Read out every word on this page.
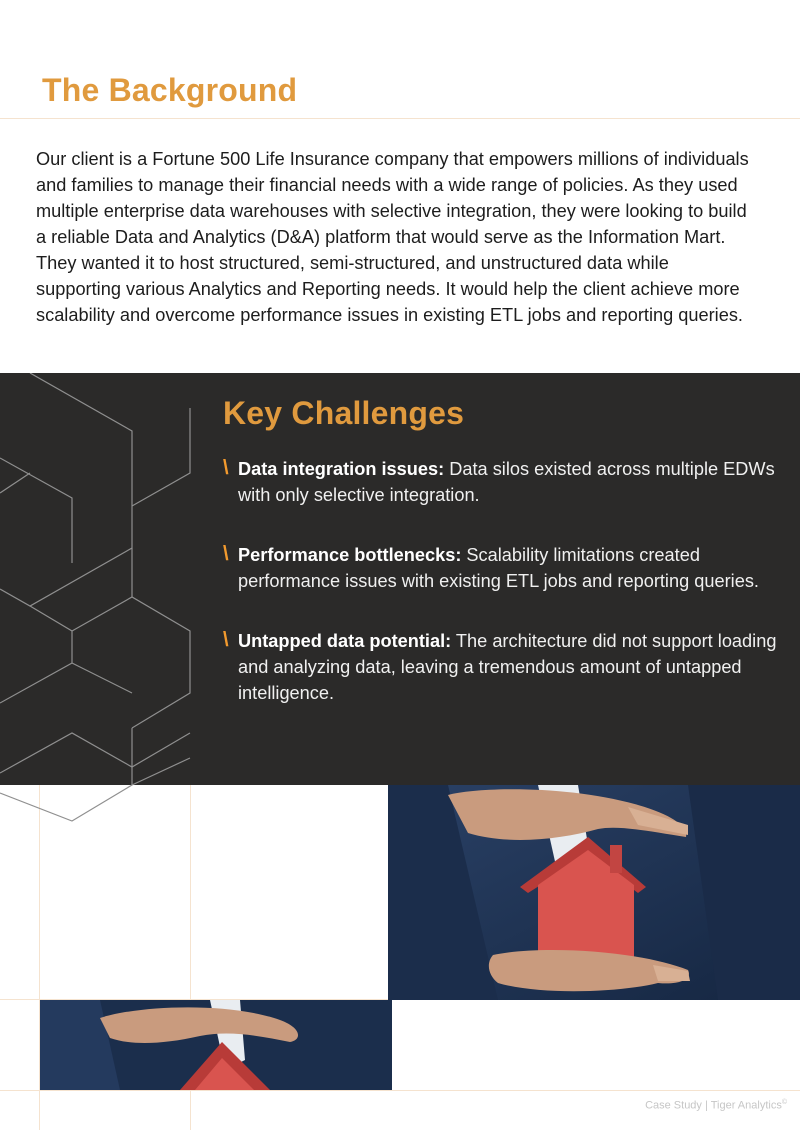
The Background

Our client is a Fortune 500 Life Insurance company that empowers millions of individuals and families to manage their financial needs with a wide range of policies. As they used multiple enterprise data warehouses with selective integration, they were looking to build a reliable Data and Analytics (D&A) platform that would serve as the Information Mart. They wanted it to host structured, semi-structured, and unstructured data while supporting various Analytics and Reporting needs. It would help the client achieve more scalability and overcome performance issues in existing ETL jobs and reporting queries.

Key Challenges
\ Data integration issues: Data silos existed across multiple EDWs with only selective integration.
\ Performance bottlenecks: Scalability limitations created performance issues with existing ETL jobs and reporting queries.
\ Untapped data potential: The architecture did not support loading and analyzing data, leaving a tremendous amount of untapped intelligence.
Case Study | Tiger Analytics©
